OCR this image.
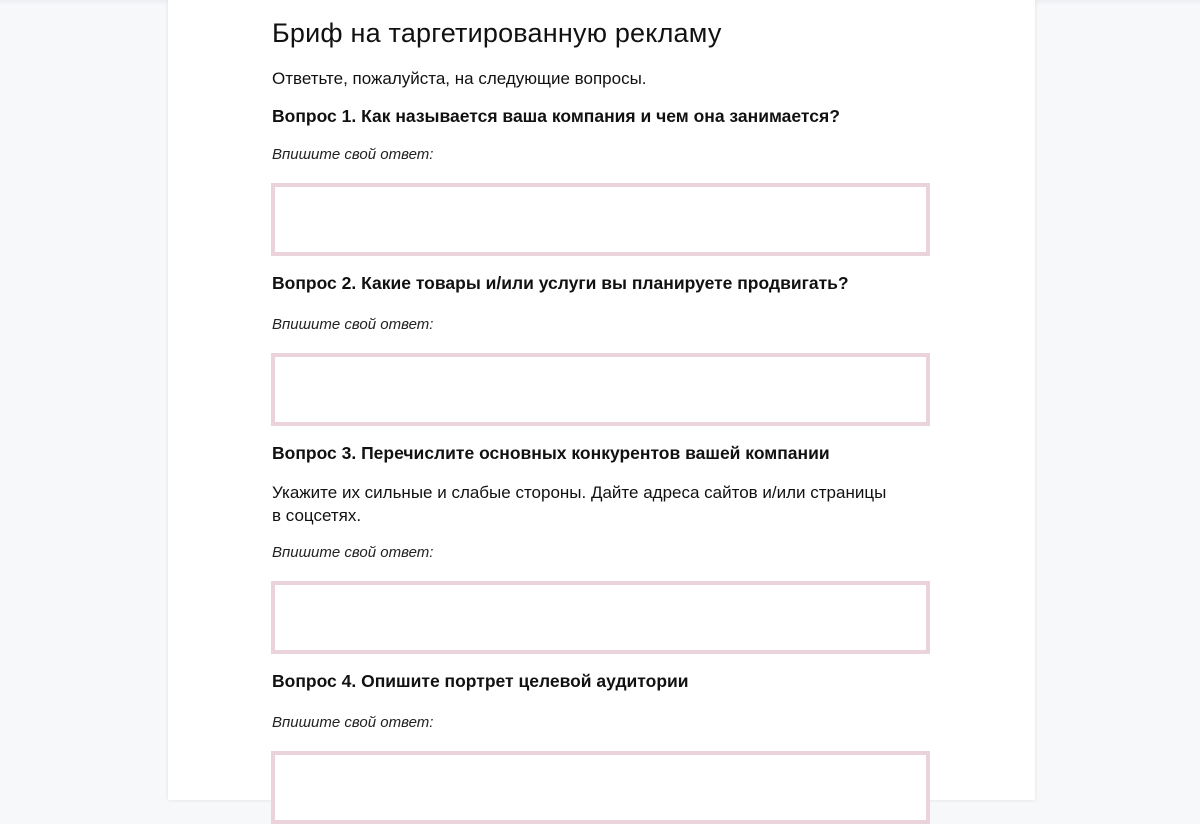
Бриф на таргетированную рекламу
Ответьте, пожалуйста, на следующие вопросы.
Вопрос 1. Как называется ваша компания и чем она занимается?
Впишите свой ответ:
Вопрос 2. Какие товары и/или услуги вы планируете продвигать?
Впишите свой ответ:
Вопрос 3. Перечислите основных конкурентов вашей компании
Укажите их сильные и слабые стороны. Дайте адреса сайтов и/или страницы в соцсетях.
Впишите свой ответ:
Вопрос 4. Опишите портрет целевой аудитории
Впишите свой ответ:
